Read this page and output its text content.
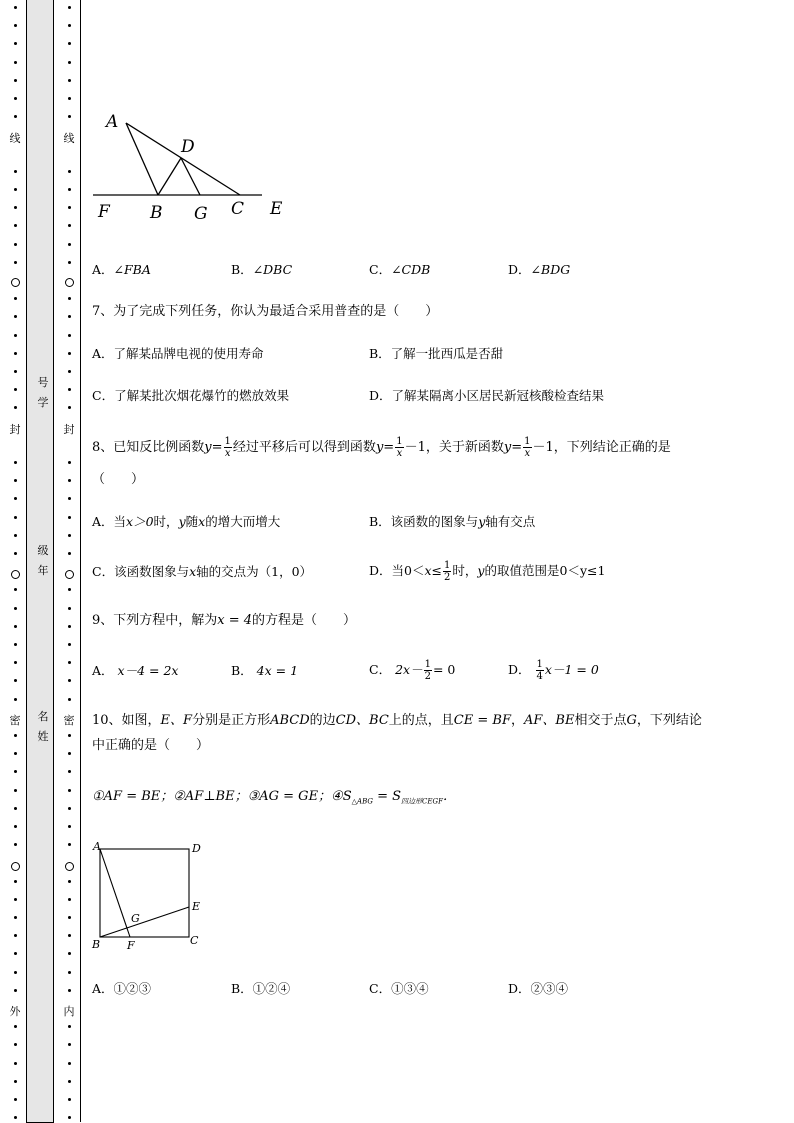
线
封
密
外
线
封
密
内
号
学
级
年
名
姓
A
D
F B G C E
A．∠FBA	B．∠DBC	C．∠CDB	D．∠BDG
7、为了完成下列任务，你认为最适合采用普查的是（　　）
A．了解某品牌电视的使用寿命	B．了解一批西瓜是否甜
C．了解某批次烟花爆竹的燃放效果	D．了解某隔离小区居民新冠核酸检查结果
8、已知反比例函数$y= \frac{1}{x}$ 经过平移后可以得到函数$y= \frac{1}{x} -1$，关于新函数$y= \frac{1}{x} -1$，下列结论正确的是
（　　）
A．当x＞0时，y随x的增大而增大	B．该函数的图象与y轴有交点
C．该函数图象与x轴的交点为（1，0）	D．当$0<x\le \frac{1}{2}$ 时，y的取值范围是0＜y≤1
9、下列方程中，解为x = 4的方程是（　　）
A． x－4 = 2x	B． 4x = 1	C． $2x- \frac{1}{2} = 0$	D． $\frac{1}{4} x-1 = 0$
10、如图，E、F分别是正方形ABCD的边CD、BC上的点，且CE = BF，AF、BE相交于点G，下列结论
中正确的是（　　）
①AF = BE；②AF⊥BE；③AG = GE；$④S_{\triangle ABG} = S_{四边形CEGF}$．
A	D
B	C
E
F
G
A．①②③	B．①②④	C．①③④	D．②③④
